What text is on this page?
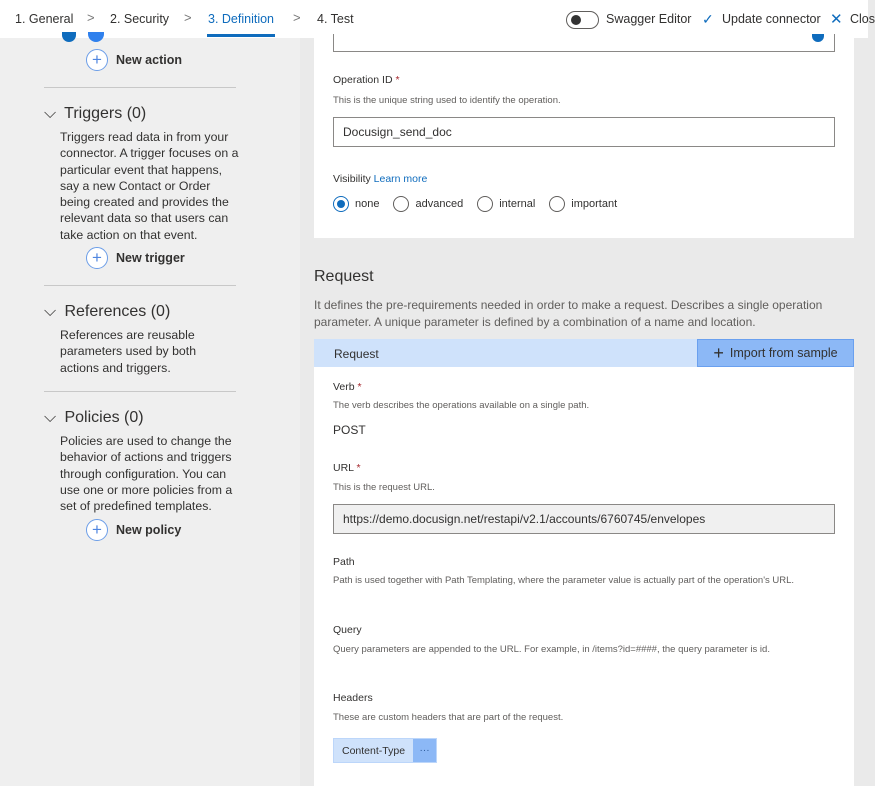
1. General > 2. Security > 3. Definition > 4. Test	Swagger Editor ✓ Update connector ✕ Clos
+	New action
⌵ Triggers (0)
Triggers read data in from your connector. A trigger focuses on a particular event that happens, say a new Contact or Order being created and provides the relevant data so that users can take action on that event.
+	New trigger
⌵ References (0)
References are reusable parameters used by both actions and triggers.
⌵ Policies (0)
Policies are used to change the behavior of actions and triggers through configuration. You can use one or more policies from a set of predefined templates.
+	New policy
Operation ID *
This is the unique string used to identify the operation.
Docusign_send_doc
Visibility Learn more
none	advanced	internal	important
Request
It defines the pre-requirements needed in order to make a request. Describes a single operation parameter. A unique parameter is defined by a combination of a name and location.
Request	+ Import from sample
Verb *
The verb describes the operations available on a single path.
POST
URL *
This is the request URL.
https://demo.docusign.net/restapi/v2.1/accounts/6760745/envelopes
Path
Path is used together with Path Templating, where the parameter value is actually part of the operation's URL.
Query
Query parameters are appended to the URL. For example, in /items?id=####, the query parameter is id.
Headers
These are custom headers that are part of the request.
Content-Type	···
